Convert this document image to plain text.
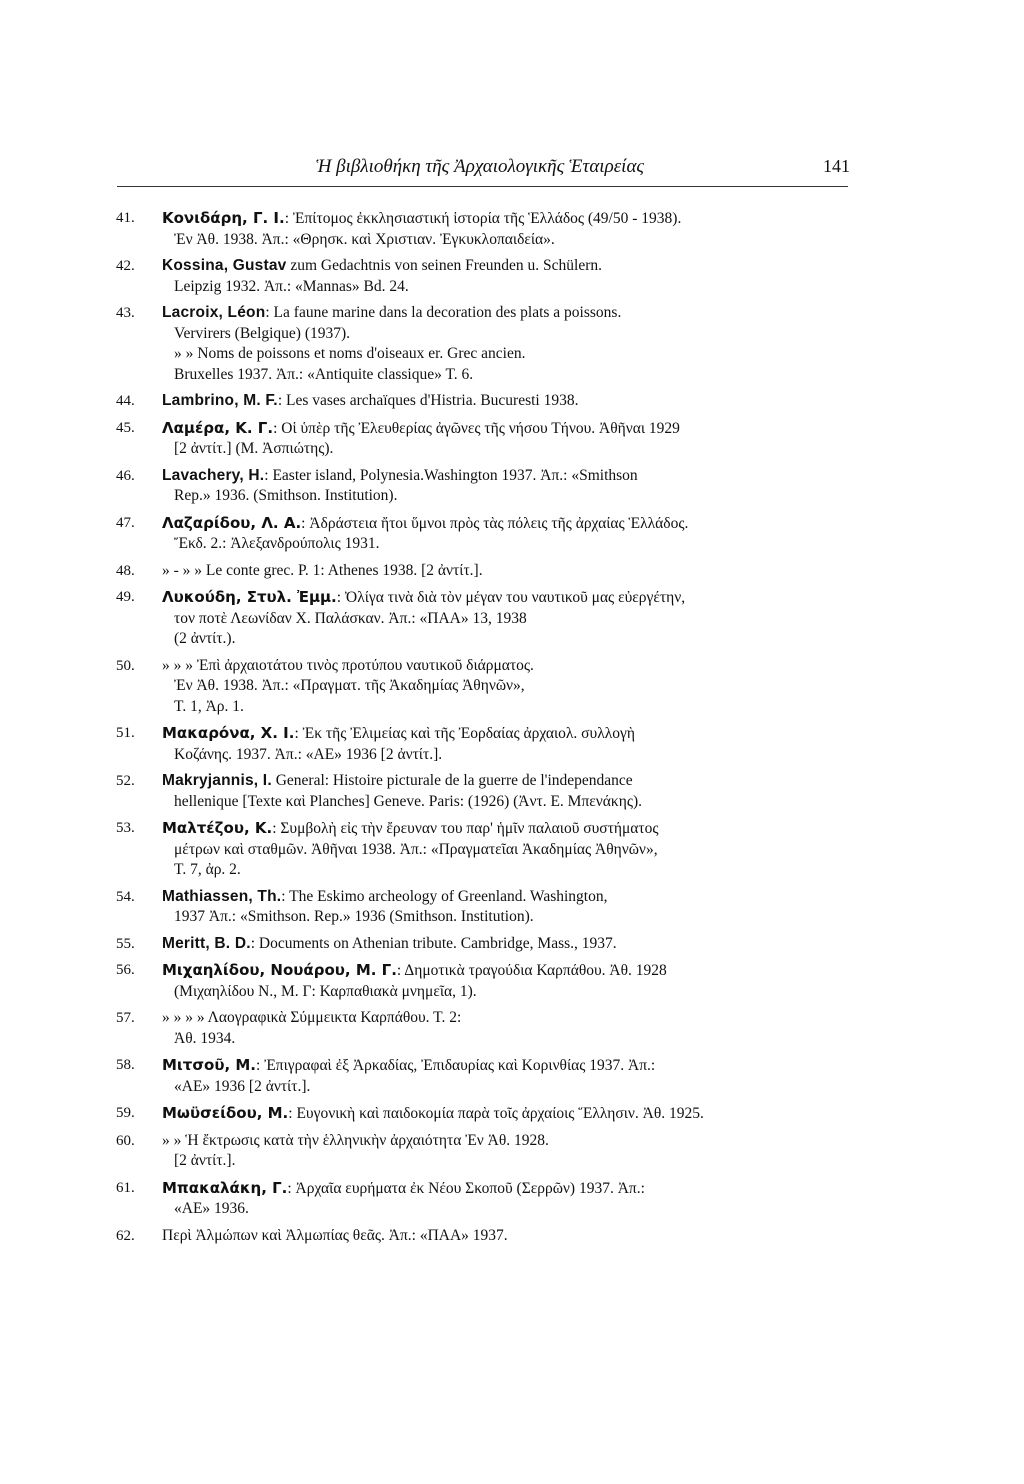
Ἡ βιβλιοθήκη τῆς Ἀρχαιολογικῆς Ἑταιρείας	141
41.	Κονιδάρη, Γ. Ι.: Ἐπίτομος ἐκκλησιαστική ἱστορία τῆς Ἑλλάδος (49/50 - 1938).
Ἐν Ἀθ. 1938. Ἀπ.: «Θρησκ. καὶ Χριστιαν. Ἐγκυκλοπαιδεία».
42.	Kossina, Gustav zum Gedachtnis von seinen Freunden u. Schülern.
Leipzig 1932. Ἀπ.: «Mannas» Bd. 24.
43.	Lacroix, Léon: La faune marine dans la decoration des plats a poissons.
Vervirers (Belgique) (1937).
» » Noms de poissons et noms d'oiseaux er. Grec ancien.
Bruxelles 1937. Ἀπ.: «Antiquite classique» T. 6.
44.	Lambrino, M. F.: Les vases archaïques d'Histria. Bucuresti 1938.
45.	Λαμέρα, Κ. Γ.: Οἱ ὑπὲρ τῆς Ἐλευθερίας ἀγῶνες τῆς νήσου Τήνου. Ἀθῆναι 1929
[2 ἀντίτ.] (Μ. Ἀσπιώτης).
46.	Lavachery, H.: Easter island, Polynesia.Washington 1937. Ἀπ.: «Smithson
Rep.» 1936. (Smithson. Institution).
47.	Λαζαρίδου, Λ. Α.: Ἀδράστεια ἤτοι ὕμνοι πρὸς τὰς πόλεις τῆς ἀρχαίας Ἑλλάδος.
Ἔκδ. 2.: Ἀλεξανδρούπολις 1931.
48.	» - » » Le conte grec. P. 1: Athenes 1938. [2 ἀντίτ.].
49.	Λυκούδη, Στυλ. Ἐμμ.: Ὀλίγα τινὰ διὰ τὸν μέγαν του ναυτικοῦ μας εὐεργέτην,
τον ποτὲ Λεωνίδαν Χ. Παλάσκαν. Ἀπ.: «ΠΑΑ» 13, 1938
(2 ἀντίτ.).
50.	» » » Ἐπὶ ἀρχαιοτάτου τινὸς προτύπου ναυτικοῦ διάρματος.
Ἐν Ἀθ. 1938. Ἀπ.: «Πραγματ. τῆς Ἀκαδημίας Ἀθηνῶν»,
Τ. 1, Ἀρ. 1.
51.	Μακαρόνα, Χ. Ι.: Ἐκ τῆς Ἐλιμείας καὶ τῆς Ἐορδαίας ἀρχαιολ. συλλογὴ
Κοζάνης. 1937. Ἀπ.: «ΑΕ» 1936 [2 ἀντίτ.].
52.	Makryjannis, I. General: Histoire picturale de la guerre de l'independance
hellenique [Texte καὶ Planches] Geneve. Paris: (1926) (Ἀντ. Ε. Μπενάκης).
53.	Μαλτέζου, Κ.: Συμβολὴ εἰς τὴν ἔρευναν του παρ' ἡμῖν παλαιοῦ συστήματος
μέτρων καὶ σταθμῶν. Ἀθῆναι 1938. Ἀπ.: «Πραγματεῖαι Ἀκαδημίας Ἀθηνῶν»,
Τ. 7, ἀρ. 2.
54.	Mathiassen, Th.: The Eskimo archeology of Greenland. Washington,
1937 Ἀπ.: «Smithson. Rep.» 1936 (Smithson. Institution).
55.	Meritt, B. D.: Documents on Athenian tribute. Cambridge, Mass., 1937.
56.	Μιχαηλίδου, Νουάρου, Μ. Γ.: Δημοτικὰ τραγούδια Καρπάθου. Ἀθ. 1928
(Μιχαηλίδου Ν., Μ. Γ: Καρπαθιακὰ μνημεῖα, 1).
57.	» » » » Λαογραφικὰ Σύμμεικτα Καρπάθου. Τ. 2:
Ἀθ. 1934.
58.	Μιτσοῦ, Μ.: Ἐπιγραφαὶ ἐξ Ἀρκαδίας, Ἐπιδαυρίας καὶ Κορινθίας 1937. Ἀπ.:
«ΑΕ» 1936 [2 ἀντίτ.].
59.	Μωϋσείδου, Μ.: Ευγονικὴ καὶ παιδοκομία παρὰ τοῖς ἀρχαίοις Ἕλλησιν. Ἀθ. 1925.
60.	» » Ἡ ἔκτρωσις κατὰ τὴν ἑλληνικὴν ἀρχαιότητα Ἐν Ἀθ. 1928.
[2 ἀντίτ.].
61.	Μπακαλάκη, Γ.: Ἀρχαῖα ευρήματα ἐκ Νέου Σκοποῦ (Σερρῶν) 1937. Ἀπ.:
«ΑΕ» 1936.
62.	Περὶ Ἀλμώπων καὶ Ἀλμωπίας θεᾶς. Ἀπ.: «ΠΑΑ» 1937.
